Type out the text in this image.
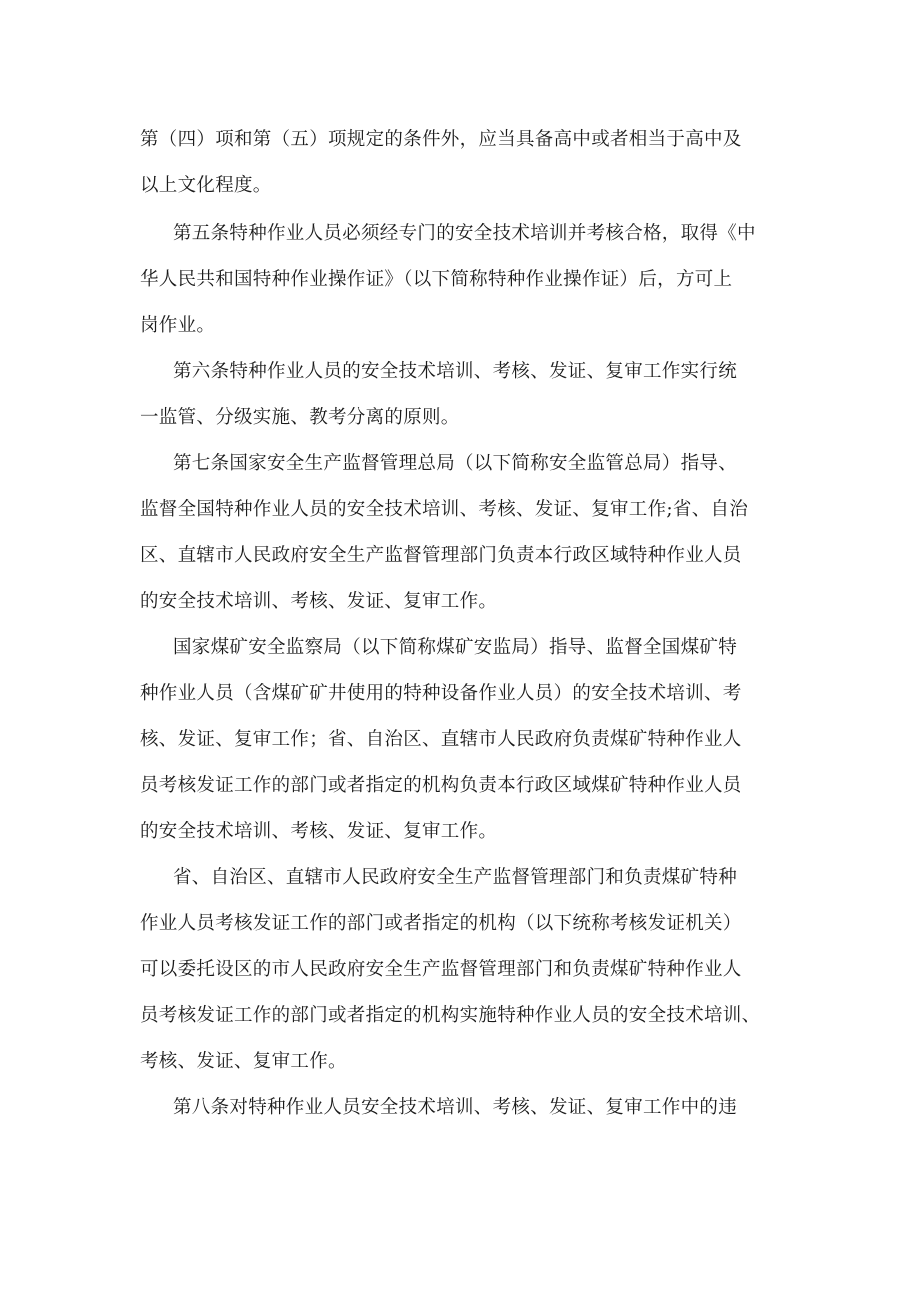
第（四）项和第（五）项规定的条件外，应当具备高中或者相当于高中及
以上文化程度。
第五条特种作业人员必须经专门的安全技术培训并考核合格，取得《中
华人民共和国特种作业操作证》（以下简称特种作业操作证）后，方可上
岗作业。
第六条特种作业人员的安全技术培训、考核、发证、复审工作实行统
一监管、分级实施、教考分离的原则。
第七条国家安全生产监督管理总局（以下简称安全监管总局）指导、
监督全国特种作业人员的安全技术培训、考核、发证、复审工作;省、自治
区、直辖市人民政府安全生产监督管理部门负责本行政区域特种作业人员
的安全技术培训、考核、发证、复审工作。
国家煤矿安全监察局（以下简称煤矿安监局）指导、监督全国煤矿特
种作业人员（含煤矿矿井使用的特种设备作业人员）的安全技术培训、考
核、发证、复审工作；省、自治区、直辖市人民政府负责煤矿特种作业人
员考核发证工作的部门或者指定的机构负责本行政区域煤矿特种作业人员
的安全技术培训、考核、发证、复审工作。
省、自治区、直辖市人民政府安全生产监督管理部门和负责煤矿特种
作业人员考核发证工作的部门或者指定的机构（以下统称考核发证机关）
可以委托设区的市人民政府安全生产监督管理部门和负责煤矿特种作业人
员考核发证工作的部门或者指定的机构实施特种作业人员的安全技术培训、
考核、发证、复审工作。
第八条对特种作业人员安全技术培训、考核、发证、复审工作中的违
